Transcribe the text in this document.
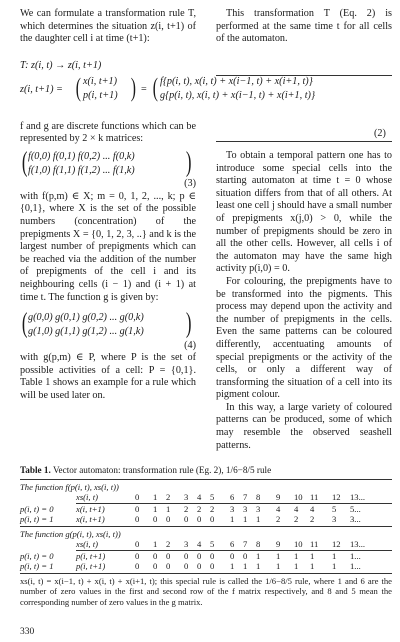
We can formulate a transformation rule T, which determines the situation z(i, t+1) of the daughter cell i at time (t+1):

T: z(i, t) → z(i, t+1)
z(i, t+1) = ( x(i, t+1)
p(i, t+1) ) = ( f{p(i, t), x(i, t) + x(i−1, t) + x(i+1, t)}
g{p(i, t), x(i, t) + x(i−1, t) + x(i+1, t)}

f and g are discrete functions which can be represented by 2 × k matrices:

( f(0,0) f(0,1) f(0,2) ... f(0,k)
f(1,0) f(1,1) f(1,2) ... f(1,k) )
(3)

with f(p,m) ∈ X; m = 0, 1, 2, ..., k; p ∈ {0,1}, where X is the set of the possible numbers (concentration) of the prepigments X = {0, 1, 2, 3, ..} and k is the largest number of prepigments which can be reached via the addition of the number of prepigments of the cell i and its neighbouring cells (i − 1) and (i + 1) at time t. The function g is given by:

( g(0,0) g(0,1) g(0,2) ... g(0,k)
g(1,0) g(1,1) g(1,2) ... g(1,k) )
(4)

with g(p,m) ∈ P, where P is the set of possible activities of a cell: P = {0,1}. Table 1 shows an example for a rule which will be used later on.

This transformation T (Eq. 2) is performed at the same time t for all cells of the automaton.

(2)

To obtain a temporal pattern one has to introduce some special cells into the starting automaton at time t = 0 whose situation differs from that of all others. At least one cell j should have a small number of prepigments x(j,0) > 0, while the number of prepigments should be zero in all the other cells. However, all cells i of the automaton may have the same high activity p(i,0) = 0.

For colouring, the prepigments have to be transformed into the pigments. This process may depend upon the activity and the number of prepigments in the cells. Even the same patterns can be coloured differently, accentuating amounts of special prepigments or the activity of the cells, or only a different way of transforming the situation of a cell into its pigment colour.

In this way, a large variety of coloured patterns can be produced, some of which may resemble the observed seashell patterns.

Table 1. Vector automaton: transformation rule (Eg. 2), 1/6−8/5 rule
The function f(p(i, t), xs(i, t))
xs(i, t)	0 1 2 3 4 5 6 7 8 9 10 11 12 13...
p(i, t) = 0	x(i, t+1)	0 1 1 2 2 2 3 3 3 4 4 4 5 5...
p(i, t) = 1	x(i, t+1)	0 0 0 0 0 0 1 1 1 2 2 2 3 3...
The function g(p(i, t), xs(i, t))
xs(i, t)	0 1 2 3 4 5 6 7 8 9 10 11 12 13...
p(i, t) = 0	p(i, t+1)	0 0 0 0 0 0 0 0 1 1 1 1 1 1...
p(i, t) = 1	p(i, t+1)	0 0 0 0 0 0 1 1 1 1 1 1 1 1...

xs(i, t) = x(i−1, t) + x(i, t) + x(i+1, t); this special rule is called the 1/6−8/5 rule, where 1 and 6 are the number of zero values in the first and second row of the f matrix respectively, and 8 and 5 mean the corresponding number of zero values in the g matrix.

330
